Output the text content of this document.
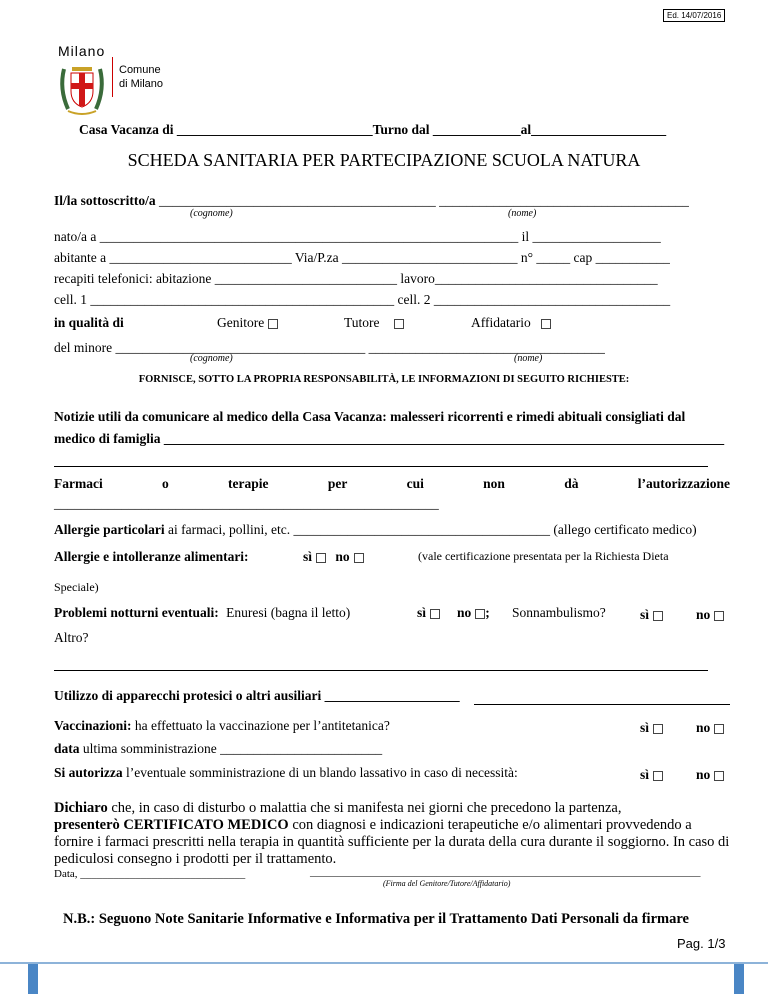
Ed. 14/07/2016
Milano
Comune
di Milano
Casa Vacanza di _____________________________Turno dal _____________al____________________
SCHEDA SANITARIA PER PARTECIPAZIONE SCUOLA NATURA
Il/la sottoscritto/a _________________________________________ _____________________________________
(cognome)	(nome)
nato/a a ______________________________________________________________ il ___________________
abitante a ___________________________ Via/P.za __________________________ n° _____ cap ___________
recapiti telefonici: abitazione ___________________________ lavoro_________________________________
cell. 1 _____________________________________________ cell. 2 ___________________________________
in qualità di	Genitore	Tutore	Affidatario
del minore _____________________________________ ___________________________________
(cognome)	(nome)
FORNISCE, SOTTO LA PROPRIA RESPONSABILITÀ, LE INFORMAZIONI DI SEGUITO RICHIESTE:
Notizie utili da comunicare al medico della Casa Vacanza: malesseri ricorrenti e rimedi abituali consigliati dal
medico di famiglia ___________________________________________________________________________________
Farmaci	o	terapie	per	cui	non	dà	l’autorizzazione
_________________________________________________________
Allergie particolari ai farmaci, pollini, etc. ______________________________________ (allego certificato medico)
Allergie e intolleranze alimentari:	sì no	(vale certificazione presentata per la Richiesta Dieta
Speciale)
Problemi notturni eventuali: Enuresi (bagna il letto)	sì	no ; Sonnambulismo?	sì	no
Altro?
Utilizzo di apparecchi protesici o altri ausiliari ____________________
Vaccinazioni: ha effettuato la vaccinazione per l’antitetanica?	sì	no
data ultima somministrazione ________________________
Si autorizza l’eventuale somministrazione di un blando lassativo in caso di necessità:	sì	no
Dichiaro che, in caso di disturbo o malattia che si manifesta nei giorni che precedono la partenza,
presenterò CERTIFICATO MEDICO con diagnosi e indicazioni terapeutiche e/o alimentari provvedendo a fornire i farmaci prescritti nella terapia in quantità sufficiente per la durata della cura durante il soggiorno. In caso di pediculosi consegno i prodotti per il trattamento.
Data, ______________________________	_______________________________________________________________________
(Firma del Genitore/Tutore/Affidatario)
N.B.: Seguono Note Sanitarie Informative e Informativa per il Trattamento Dati Personali da firmare
Pag. 1/3
